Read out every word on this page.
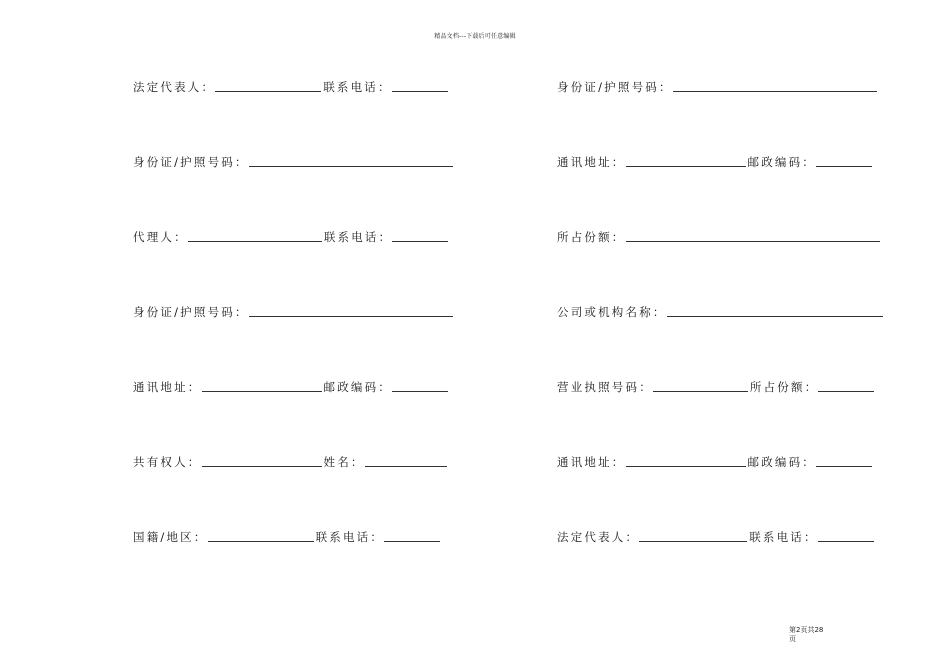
精品文档---下载后可任意编辑
法定代表人：	联系电话：
身份证/护照号码：
代理人：	联系电话：
身份证/护照号码：
通讯地址：	邮政编码：
共有权人：	姓名：
国籍/地区：	联系电话：
身份证/护照号码：
通讯地址：	邮政编码：
所占份额：
公司或机构名称：
营业执照号码：	所占份额：
通讯地址：	邮政编码：
法定代表人：	联系电话：
第2页共28
页
